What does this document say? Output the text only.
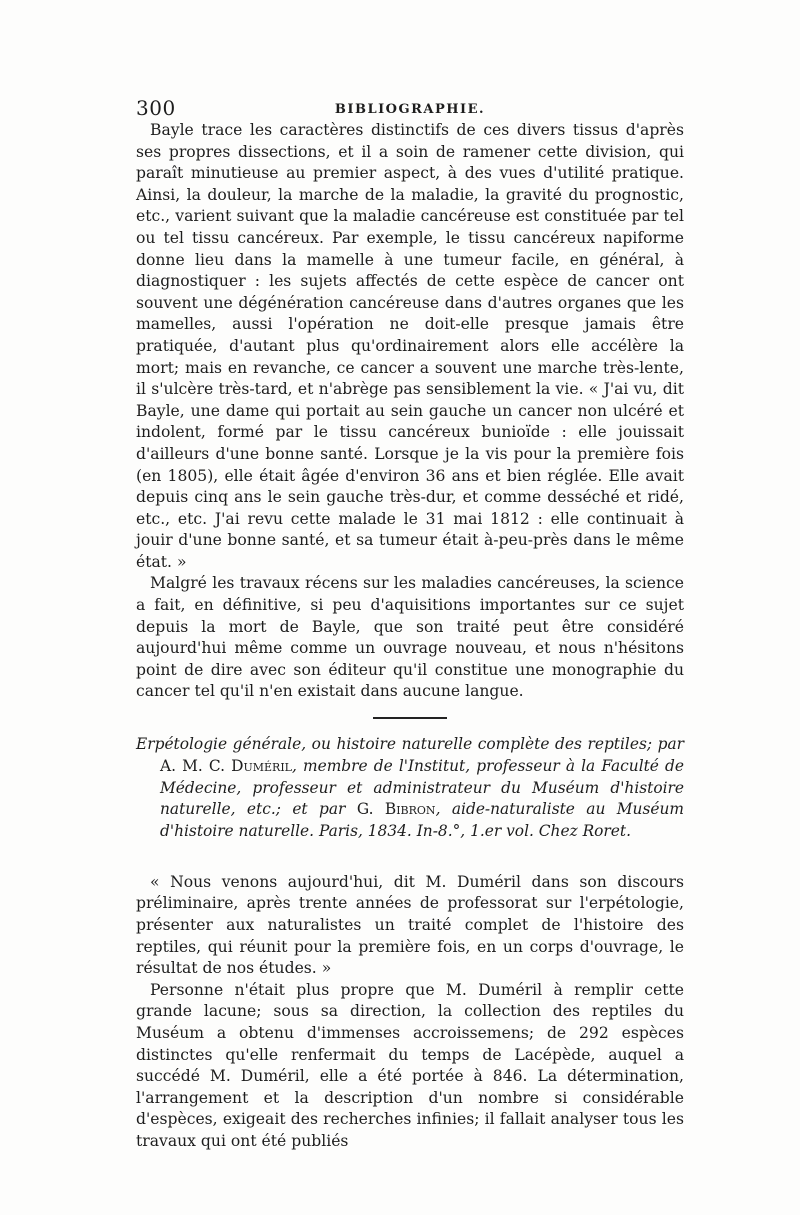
300	BIBLIOGRAPHIE.

Bayle trace les caractères distinctifs de ces divers tissus d'après ses propres dissections, et il a soin de ramener cette division, qui paraît minutieuse au premier aspect, à des vues d'utilité pratique. Ainsi, la douleur, la marche de la maladie, la gravité du prognostic, etc., varient suivant que la maladie cancéreuse est constituée par tel ou tel tissu cancéreux. Par exemple, le tissu cancéreux napiforme donne lieu dans la mamelle à une tumeur facile, en général, à diagnostiquer : les sujets affectés de cette espèce de cancer ont souvent une dégénération cancéreuse dans d'autres organes que les mamelles, aussi l'opération ne doit-elle presque jamais être pratiquée, d'autant plus qu'ordinairement alors elle accélère la mort; mais en revanche, ce cancer a souvent une marche très-lente, il s'ulcère très-tard, et n'abrège pas sensiblement la vie. « J'ai vu, dit Bayle, une dame qui portait au sein gauche un cancer non ulcéré et indolent, formé par le tissu cancéreux bunioïde : elle jouissait d'ailleurs d'une bonne santé. Lorsque je la vis pour la première fois (en 1805), elle était âgée d'environ 36 ans et bien réglée. Elle avait depuis cinq ans le sein gauche très-dur, et comme desséché et ridé, etc., etc. J'ai revu cette malade le 31 mai 1812 : elle continuait à jouir d'une bonne santé, et sa tumeur était à-peu-près dans le même état. »

Malgré les travaux récens sur les maladies cancéreuses, la science a fait, en définitive, si peu d'aquisitions importantes sur ce sujet depuis la mort de Bayle, que son traité peut être considéré aujourd'hui même comme un ouvrage nouveau, et nous n'hésitons point de dire avec son éditeur qu'il constitue une monographie du cancer tel qu'il n'en existait dans aucune langue.

Erpétologie générale, ou histoire naturelle complète des reptiles; par A. M. C. Duméril, membre de l'Institut, professeur à la Faculté de Médecine, professeur et administrateur du Muséum d'histoire naturelle, etc.; et par G. Bibron, aide-naturaliste au Muséum d'histoire naturelle. Paris, 1834. In-8.°, 1.er vol. Chez Roret.

« Nous venons aujourd'hui, dit M. Duméril dans son discours préliminaire, après trente années de professorat sur l'erpétologie, présenter aux naturalistes un traité complet de l'histoire des reptiles, qui réunit pour la première fois, en un corps d'ouvrage, le résultat de nos études. »

Personne n'était plus propre que M. Duméril à remplir cette grande lacune; sous sa direction, la collection des reptiles du Muséum a obtenu d'immenses accroissemens; de 292 espèces distinctes qu'elle renfermait du temps de Lacépède, auquel a succédé M. Duméril, elle a été portée à 846. La détermination, l'arrangement et la description d'un nombre si considérable d'espèces, exigeait des recherches infinies; il fallait analyser tous les travaux qui ont été publiés
